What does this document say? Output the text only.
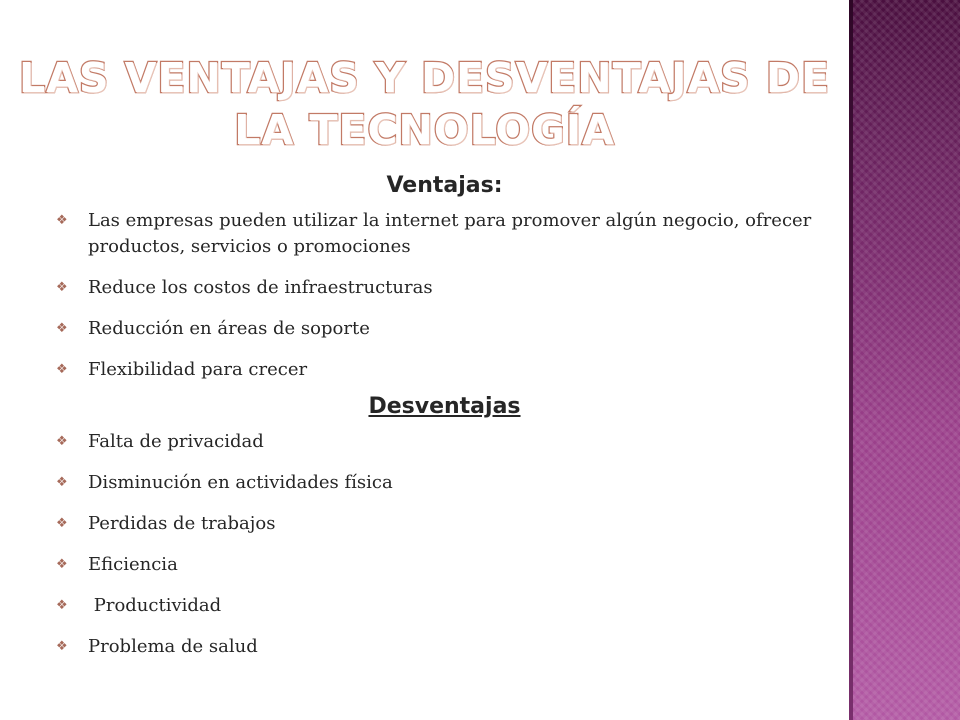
LAS VENTAJAS Y DESVENTAJAS DE LA TECNOLOGÍA
Ventajas:
❖ Las empresas pueden utilizar la internet para promover algún negocio, ofrecer productos, servicios o promociones
❖ Reduce los costos de infraestructuras
❖ Reducción en áreas de soporte
❖ Flexibilidad para crecer
Desventajas
❖ Falta de privacidad
❖ Disminución en actividades física
❖ Perdidas de trabajos
❖ Eficiencia
❖ Productividad
❖ Problema de salud
